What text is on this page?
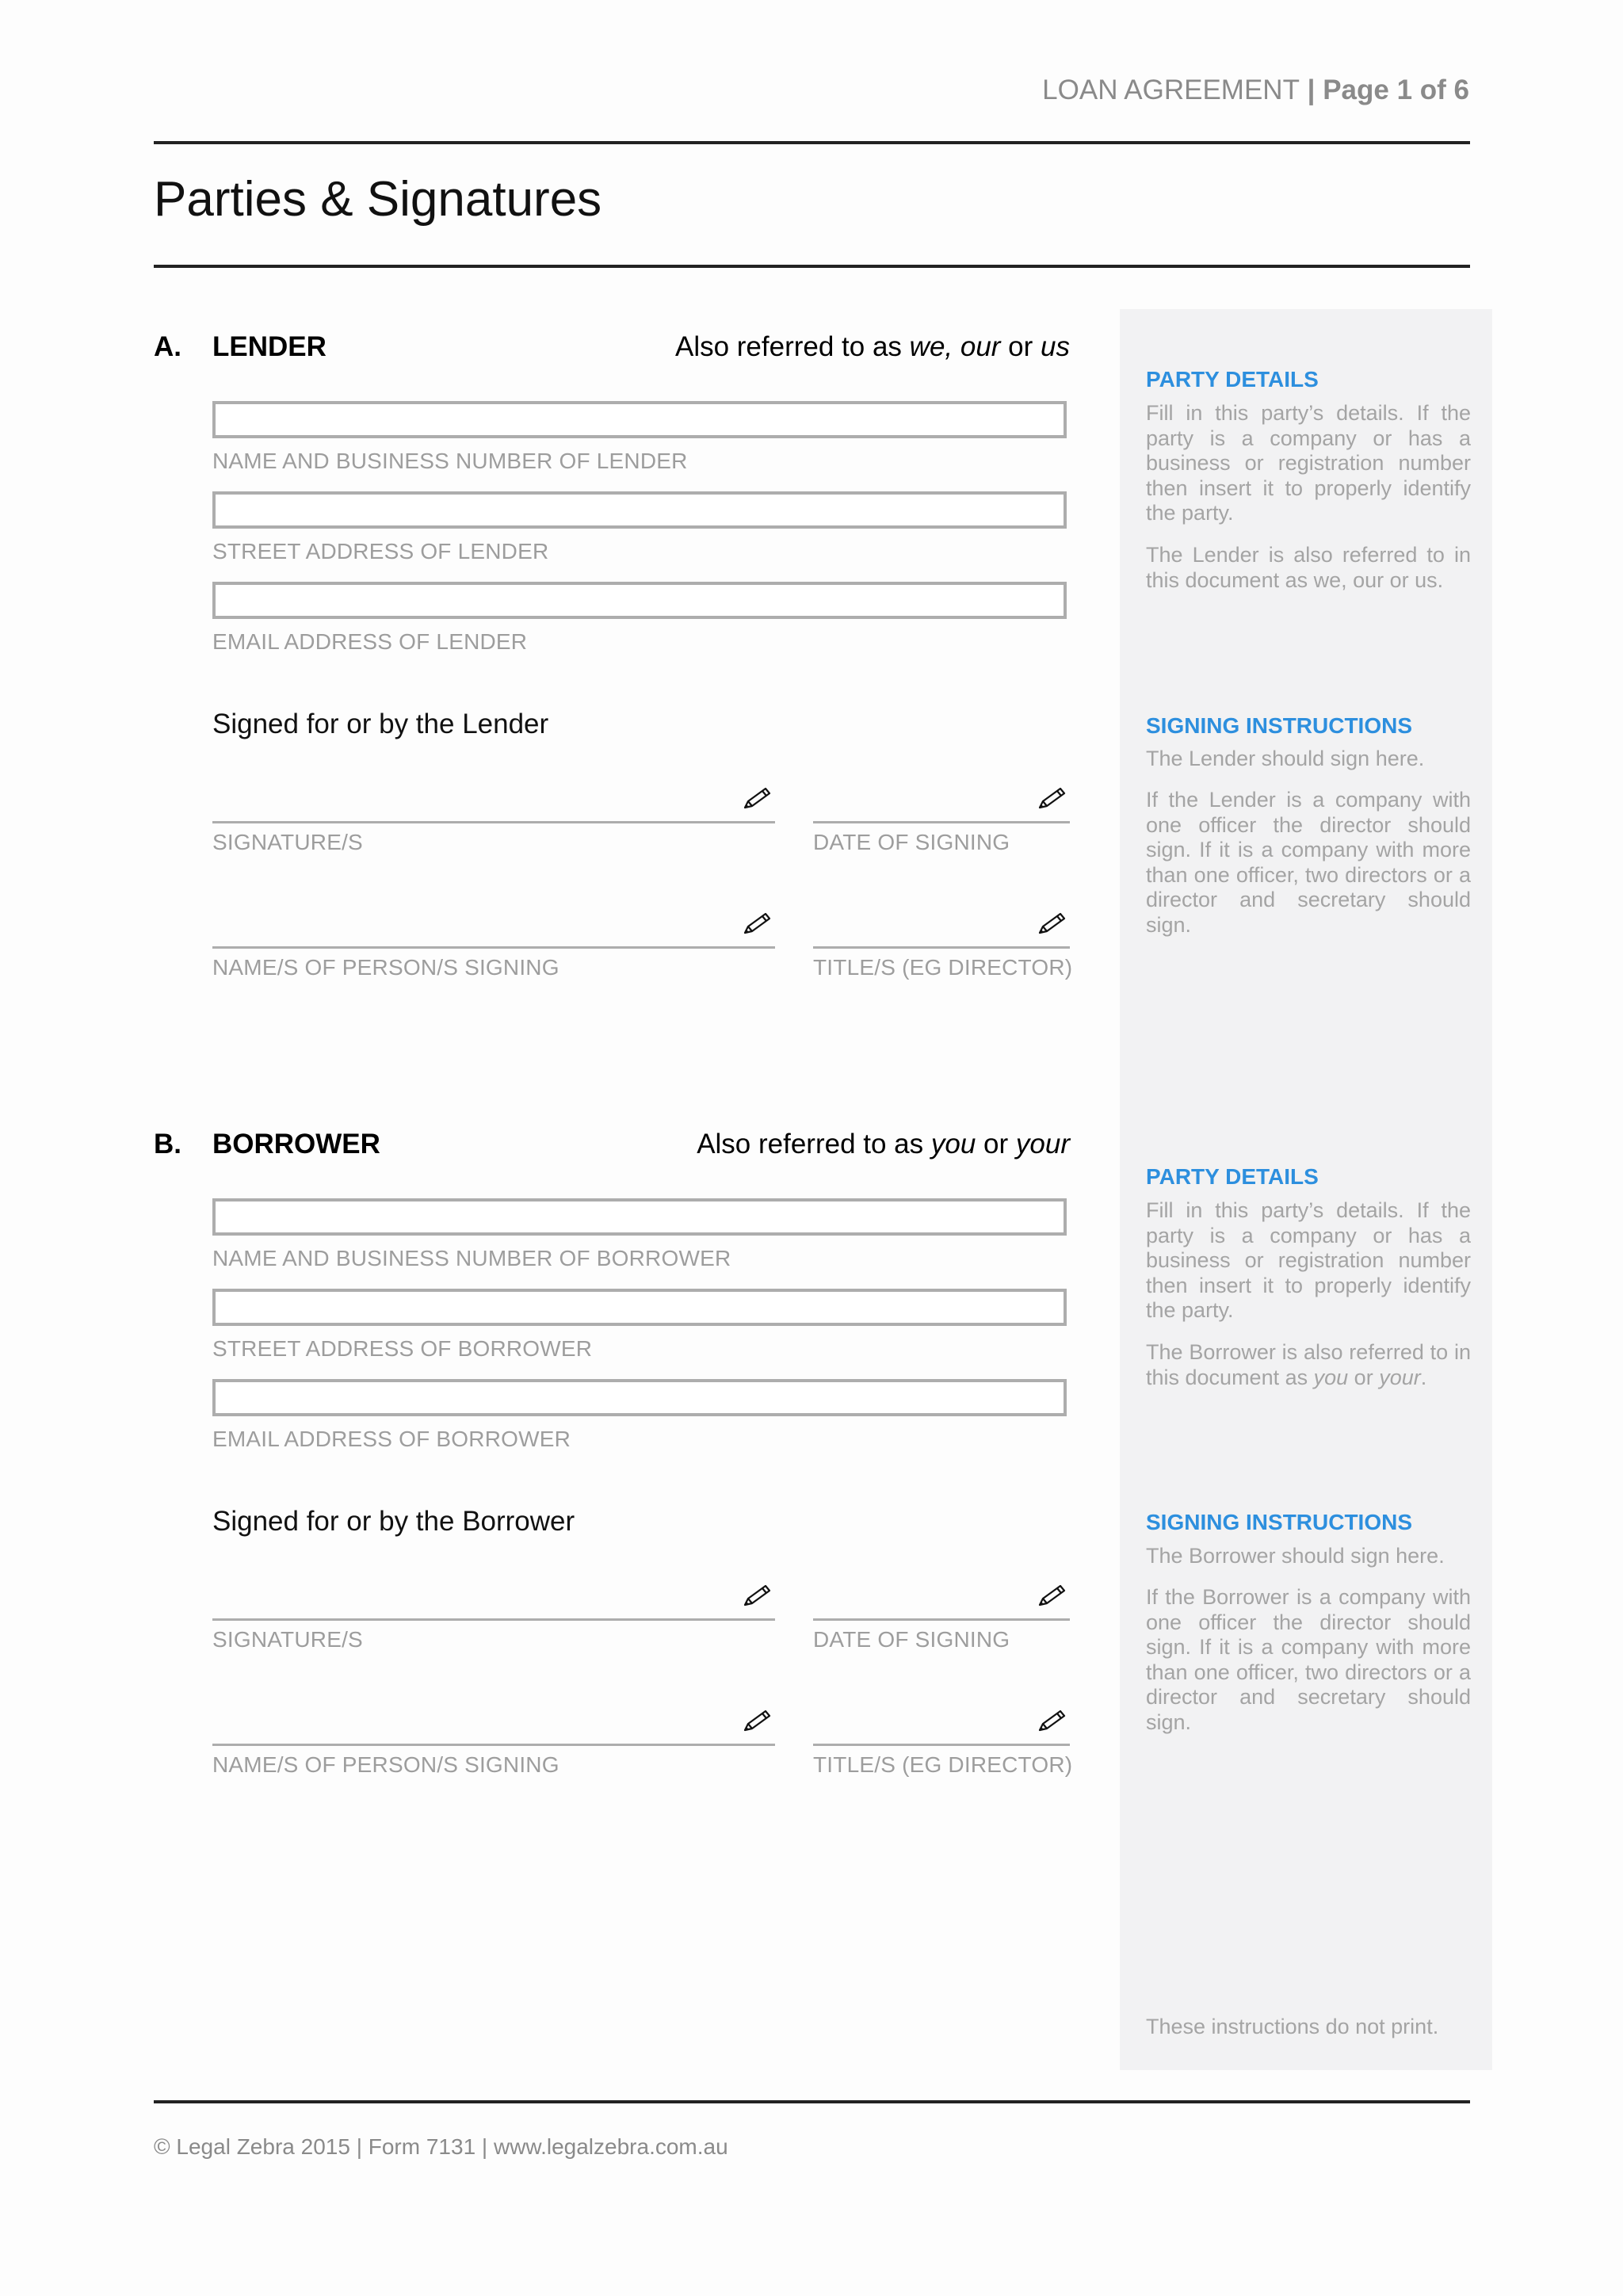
LOAN AGREEMENT | Page 1 of 6
Parties & Signatures
A. LENDER	Also referred to as we, our or us
NAME AND BUSINESS NUMBER OF LENDER
STREET ADDRESS OF LENDER
EMAIL ADDRESS OF LENDER
Signed for or by the Lender
SIGNATURE/S	DATE OF SIGNING
NAME/S OF PERSON/S SIGNING	TITLE/S (EG DIRECTOR)
B. BORROWER	Also referred to as you or your
NAME AND BUSINESS NUMBER OF BORROWER
STREET ADDRESS OF BORROWER
EMAIL ADDRESS OF BORROWER
Signed for or by the Borrower
SIGNATURE/S	DATE OF SIGNING
NAME/S OF PERSON/S SIGNING	TITLE/S (EG DIRECTOR)
PARTY DETAILS
Fill in this party’s details. If the party is a company or has a business or registration number then insert it to properly identify the party.
The Lender is also referred to in this document as we, our or us.
SIGNING INSTRUCTIONS
The Lender should sign here.
If the Lender is a company with one officer the director should sign. If it is a company with more than one officer, two directors or a director and secretary should sign.
PARTY DETAILS
Fill in this party’s details. If the party is a company or has a business or registration number then insert it to properly identify the party.
The Borrower is also referred to in this document as you or your.
SIGNING INSTRUCTIONS
The Borrower should sign here.
If the Borrower is a company with one officer the director should sign. If it is a company with more than one officer, two directors or a director and secretary should sign.
These instructions do not print.
© Legal Zebra 2015 | Form 7131 | www.legalzebra.com.au
